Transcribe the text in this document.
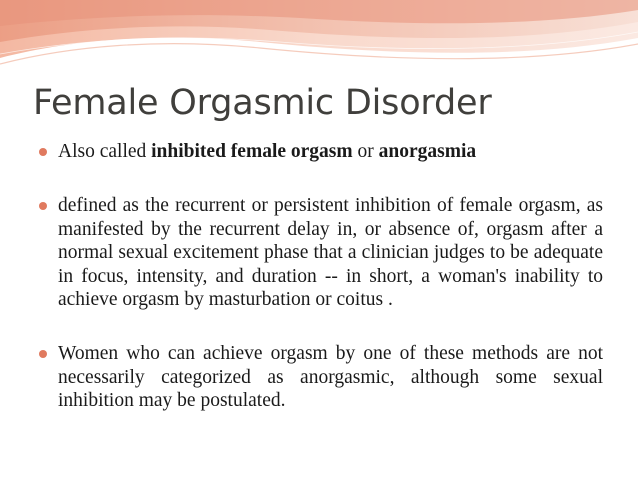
Female Orgasmic Disorder

Also called inhibited female orgasm or anorgasmia

defined as the recurrent or persistent inhibition of female orgasm, as manifested by the recurrent delay in, or absence of, orgasm after a normal sexual excitement phase that a clinician judges to be adequate in focus, intensity, and duration -- in short, a woman's inability to achieve orgasm by masturbation or coitus .

Women who can achieve orgasm by one of these methods are not necessarily categorized as anorgasmic, although some sexual inhibition may be postulated.
